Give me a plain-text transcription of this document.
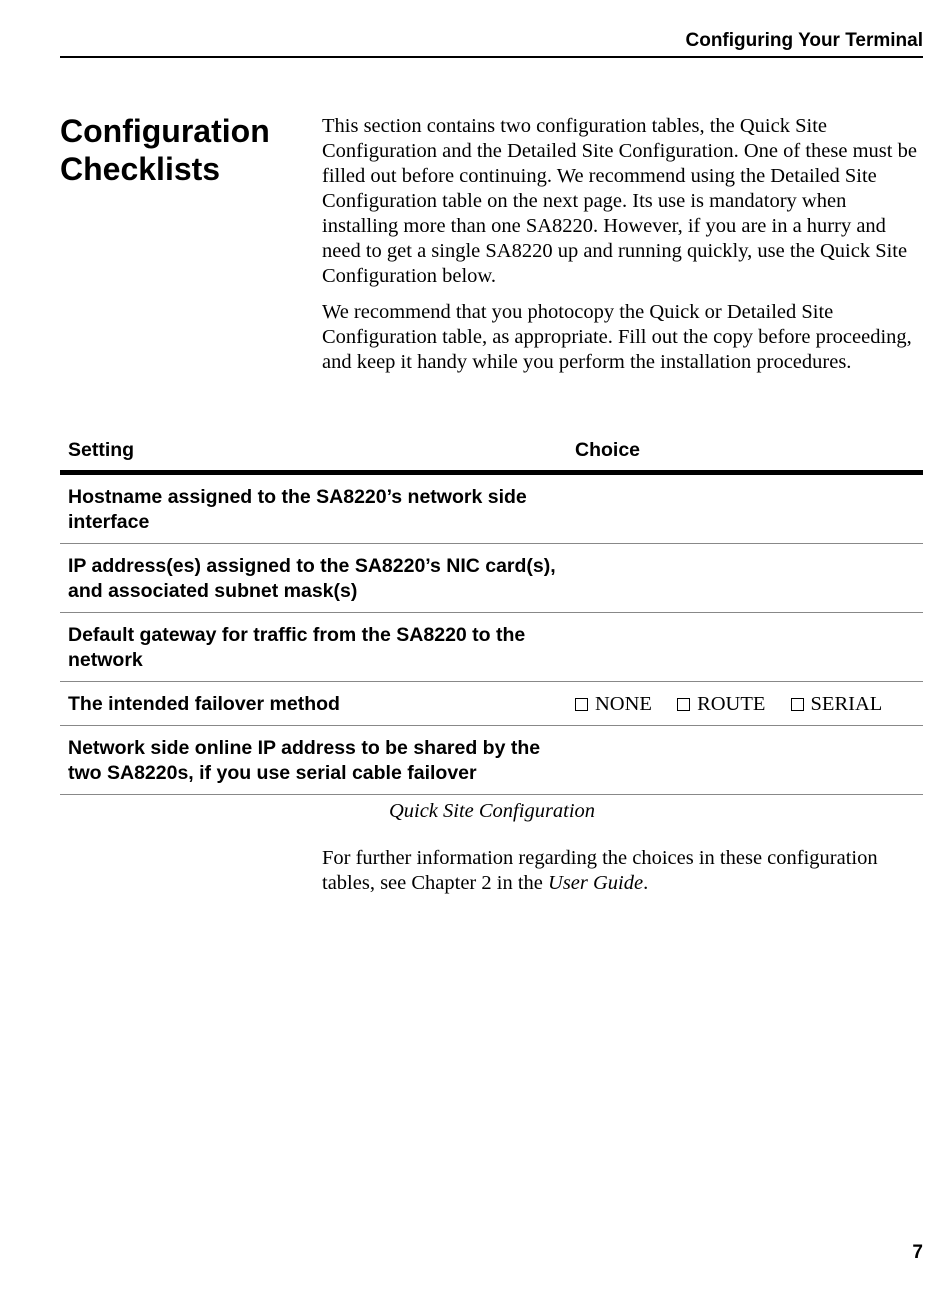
Configuring Your Terminal
Configuration Checklists

This section contains two configuration tables, the Quick Site Configuration and the Detailed Site Configuration. One of these must be filled out before continuing. We recommend using the Detailed Site Configuration table on the next page. Its use is mandatory when installing more than one SA8220. However, if you are in a hurry and need to get a single SA8220 up and running quickly, use the Quick Site Configuration below.

We recommend that you photocopy the Quick or Detailed Site Configuration table, as appropriate. Fill out the copy before proceeding, and keep it handy while you perform the installation procedures.

Setting	Choice
Hostname assigned to the SA8220’s network side interface	
IP address(es) assigned to the SA8220’s NIC card(s), and associated subnet mask(s)	
Default gateway for traffic from the SA8220 to the network	
The intended failover method	NONE ROUTE SERIAL
Network side online IP address to be shared by the two SA8220s, if you use serial cable failover	
Quick Site Configuration
For further information regarding the choices in these configuration tables, see Chapter 2 in the User Guide.
7
